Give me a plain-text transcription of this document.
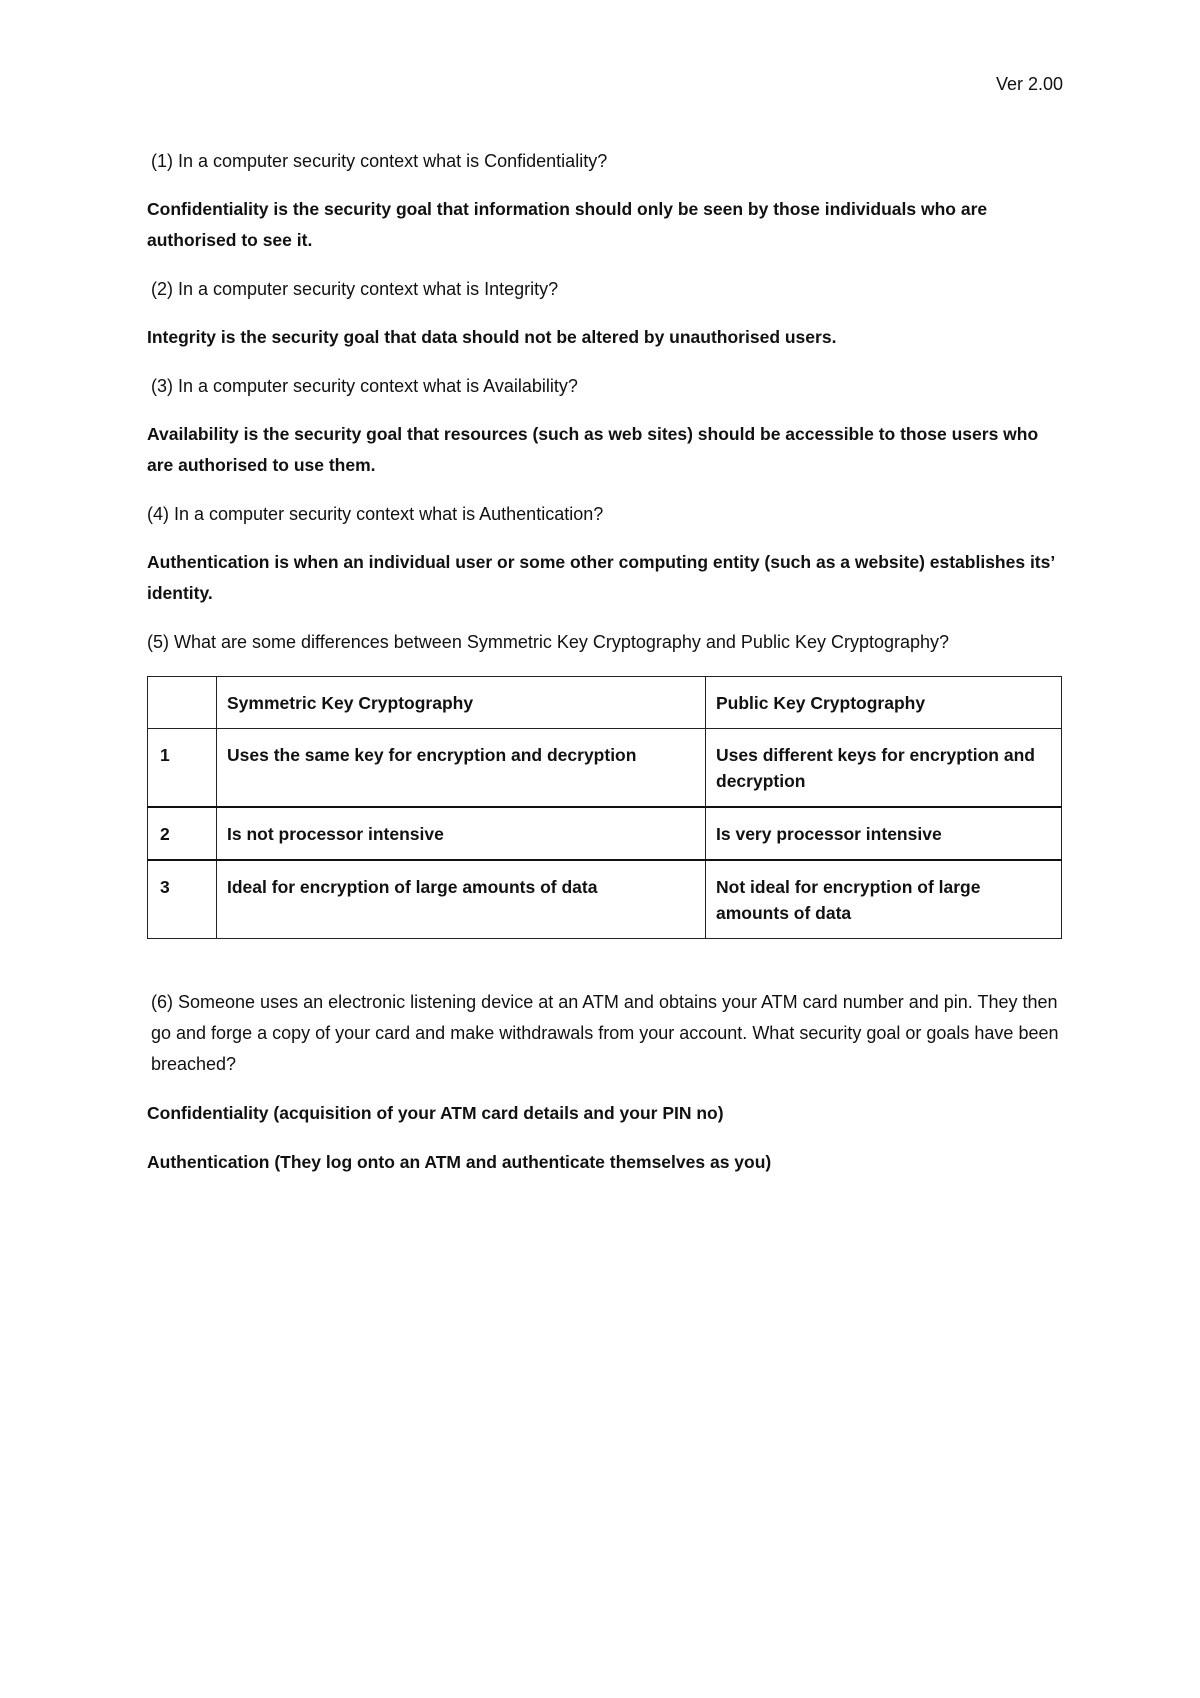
Ver 2.00

(1) In a computer security context what is Confidentiality?

Confidentiality is the security goal that information should only be seen by those individuals who are authorised to see it.

(2) In a computer security context what is Integrity?

Integrity is the security goal that data should not be altered by unauthorised users.

(3) In a computer security context what is Availability?

Availability is the security goal that resources (such as web sites) should be accessible to those users who are authorised to use them.

(4) In a computer security context what is Authentication?

Authentication is when an individual user or some other computing entity (such as a website) establishes its’ identity.

(5) What are some differences between Symmetric Key Cryptography and Public Key Cryptography?

	Symmetric Key Cryptography	Public Key Cryptography
1	Uses the same key for encryption and decryption	Uses different keys for encryption and decryption
2	Is not processor intensive	Is very processor intensive
3	Ideal for encryption of large amounts of data	Not ideal for encryption of large amounts of data

(6) Someone uses an electronic listening device at an ATM and obtains your ATM card number and pin. They then go and forge a copy of your card and make withdrawals from your account. What security goal or goals have been breached?

Confidentiality (acquisition of your ATM card details and your PIN no)

Authentication (They log onto an ATM and authenticate themselves as you)
